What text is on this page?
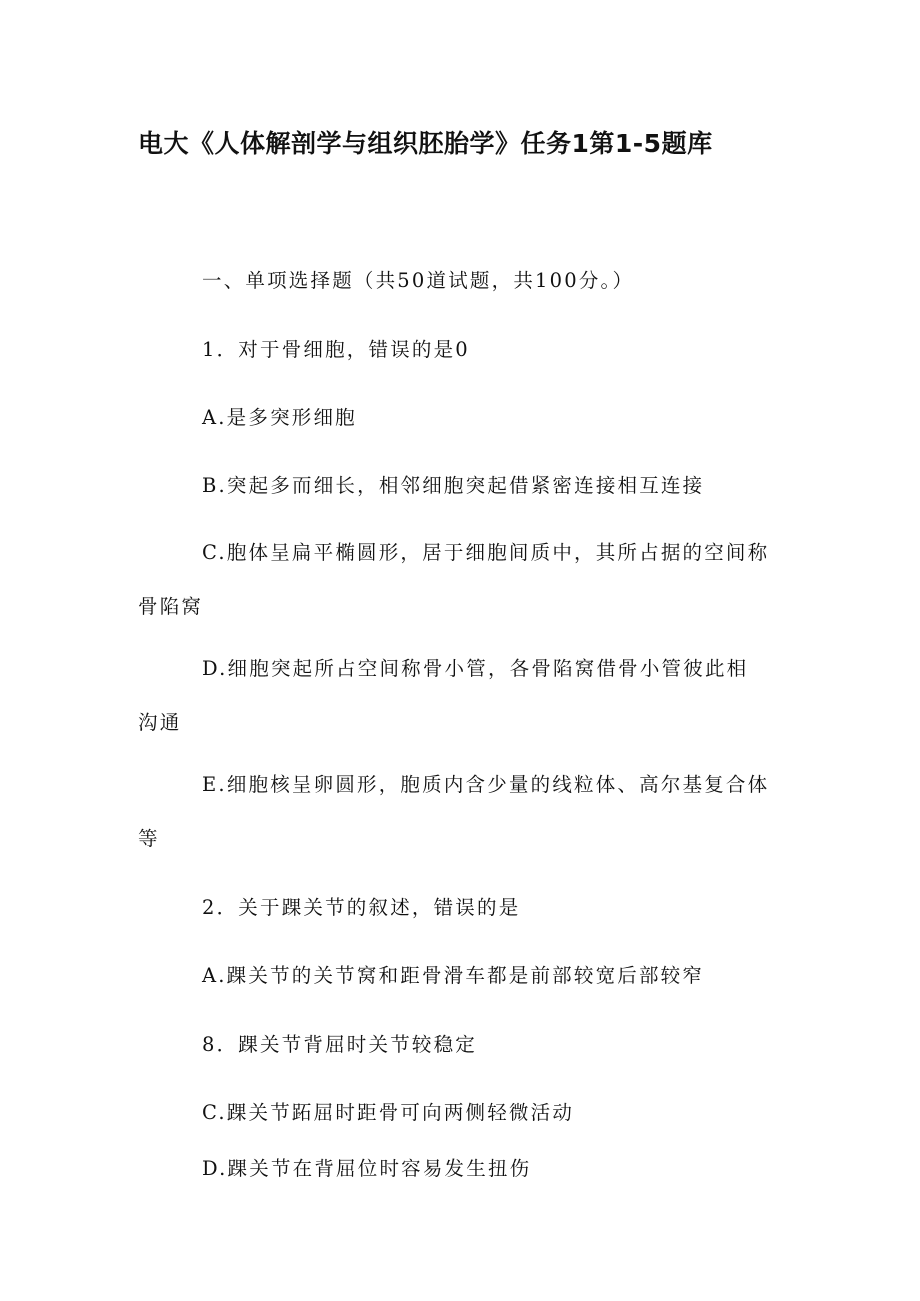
电大《人体解剖学与组织胚胎学》任务1第1-5题库

一、单项选择题（共50道试题，共100分。）

1．对于骨细胞，错误的是0

A.是多突形细胞

B.突起多而细长，相邻细胞突起借紧密连接相互连接

C.胞体呈扁平椭圆形，居于细胞间质中，其所占据的空间称骨陷窝

D.细胞突起所占空间称骨小管，各骨陷窝借骨小管彼此相沟通

E.细胞核呈卵圆形，胞质内含少量的线粒体、高尔基复合体等

2．关于踝关节的叙述，错误的是

A.踝关节的关节窝和距骨滑车都是前部较宽后部较窄

8．踝关节背屈时关节较稳定

C.踝关节跖屈时距骨可向两侧轻微活动

D.踝关节在背屈位时容易发生扭伤
